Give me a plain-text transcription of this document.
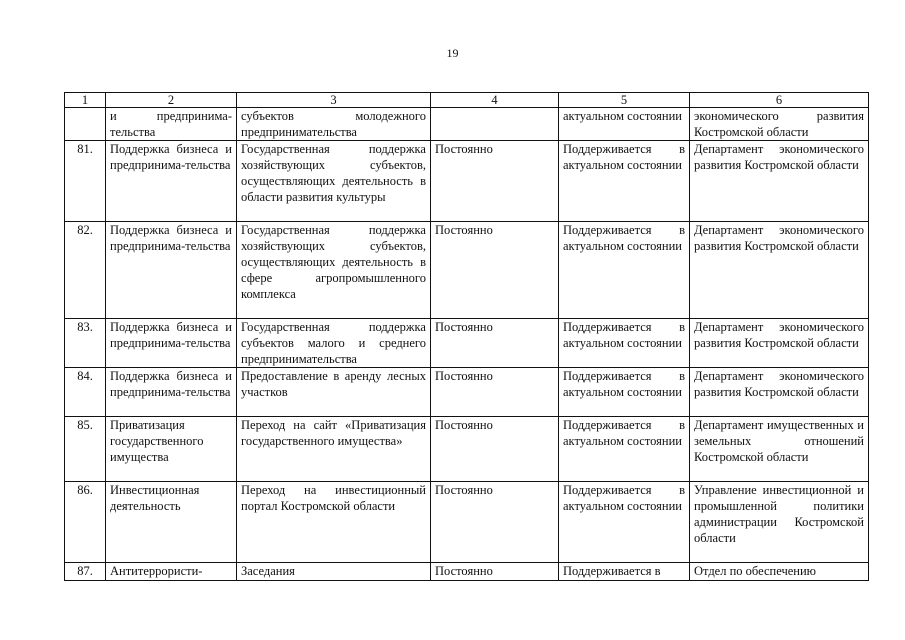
19
1	2	3	4	5	6
	и предпринима-тельства	субъектов молодежного предпринимательства		актуальном состоянии	экономического развития Костромской области
81.	Поддержка бизнеса и предпринима-тельства	Государственная поддержка хозяйствующих субъектов, осуществляющих деятельность в области развития культуры	Постоянно	Поддерживается в актуальном состоянии	Департамент экономического развития Костромской области
82.	Поддержка бизнеса и предпринима-тельства	Государственная поддержка хозяйствующих субъектов, осуществляющих деятельность в сфере агропромышленного комплекса	Постоянно	Поддерживается в актуальном состоянии	Департамент экономического развития Костромской области
83.	Поддержка бизнеса и предпринима-тельства	Государственная поддержка субъектов малого и среднего предпринимательства	Постоянно	Поддерживается в актуальном состоянии	Департамент экономического развития Костромской области
84.	Поддержка бизнеса и предпринима-тельства	Предоставление в аренду лесных участков	Постоянно	Поддерживается в актуальном состоянии	Департамент экономического развития Костромской области
85.	Приватизация государственного имущества	Переход на сайт «Приватизация государственного имущества»	Постоянно	Поддерживается в актуальном состоянии	Департамент имущественных и земельных отношений Костромской области
86.	Инвестиционная деятельность	Переход на инвестиционный портал Костромской области	Постоянно	Поддерживается в актуальном состоянии	Управление инвестиционной и промышленной политики администрации Костромской области
87.	Антитеррористи-	Заседания	Постоянно	Поддерживается в	Отдел по обеспечению
